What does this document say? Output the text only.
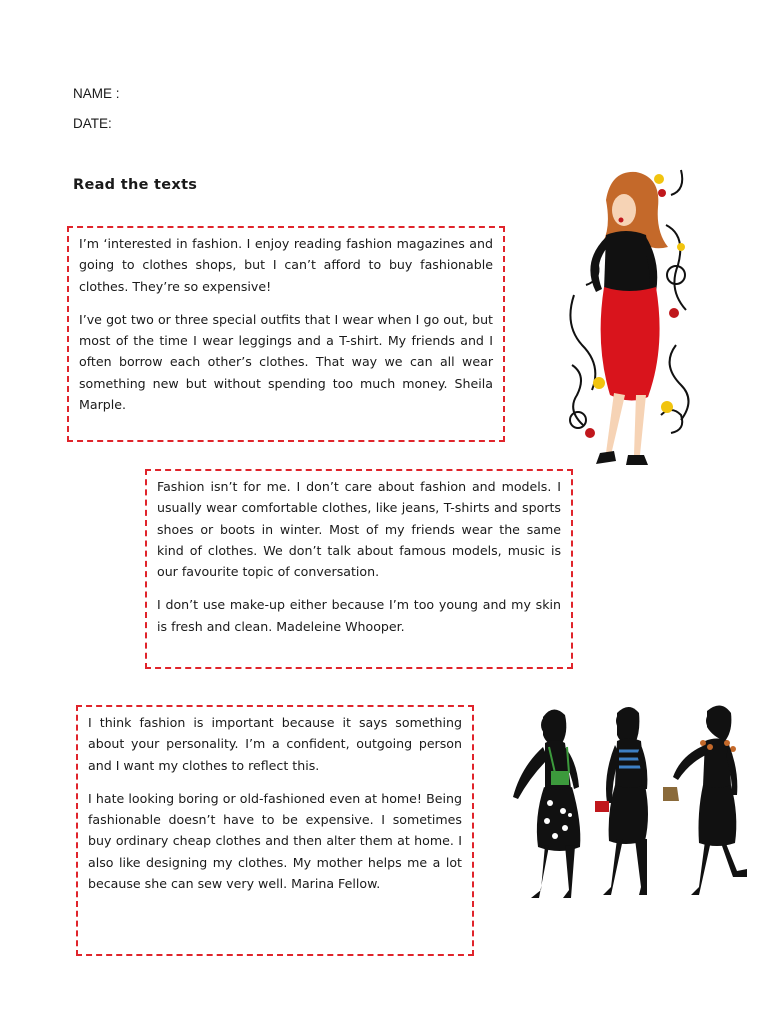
NAME :
DATE:
Read the texts

I’m ‘interested in fashion. I enjoy reading fashion magazines and going to clothes shops, but I can’t afford to buy fashionable clothes. They’re so expensive!

I’ve got two or three special outfits that I wear when I go out, but most of the time I wear leggings and a T-shirt. My friends and I often borrow each other’s clothes. That way we can all wear something new but without spending too much money. Sheila Marple.

Fashion isn’t for me. I don’t care about fashion and models. I usually wear comfortable clothes, like jeans, T-shirts and sports shoes or boots in winter. Most of my friends wear the same kind of clothes. We don’t talk about famous models, music is our favourite topic of conversation.

I don’t use make-up either because I’m too young and my skin is fresh and clean. Madeleine Whooper.

I think fashion is important because it says something about your personality. I’m a confident, outgoing person and I want my clothes to reflect this.

I hate looking boring or old-fashioned even at home! Being fashionable doesn’t have to be expensive. I sometimes buy ordinary cheap clothes and then alter them at home. I also like designing my clothes. My mother helps me a lot because she can sew very well. Marina Fellow.
